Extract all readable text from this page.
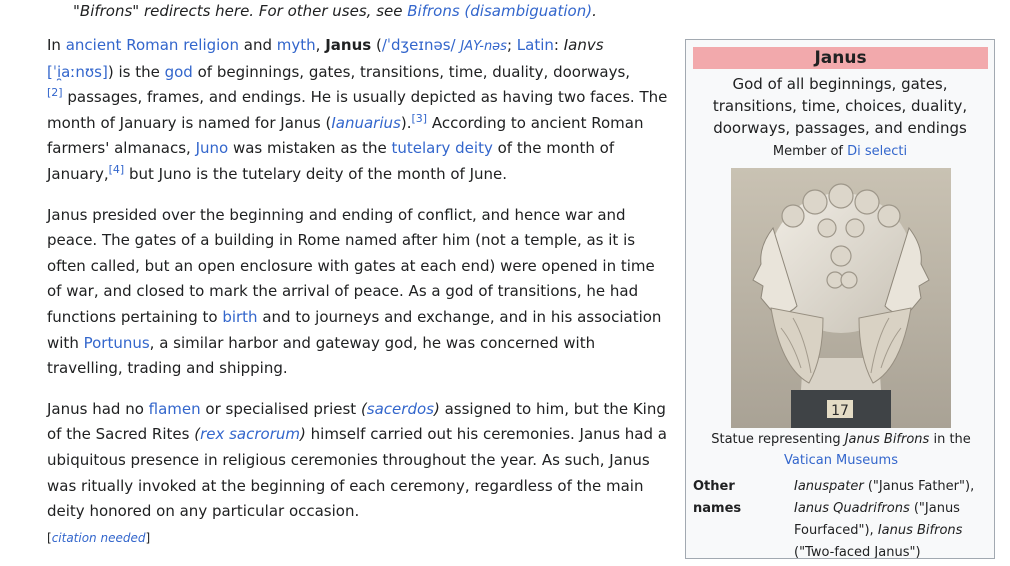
"Bifrons" redirects here. For other uses, see Bifrons (disambiguation).

In ancient Roman religion and myth, Janus (/ˈdʒeɪnəs/ JAY-nəs; Latin: Ianvs [ˈi̯aːnʊs]) is the god of beginnings, gates, transitions, time, duality, doorways,
[2] passages, frames, and endings. He is usually depicted as having two faces. The month of January is named for Janus (Ianuarius).[3] According to ancient Roman farmers' almanacs, Juno was mistaken as the tutelary deity of the month of January,[4] but Juno is the tutelary deity of the month of June.

Janus presided over the beginning and ending of conflict, and hence war and peace. The gates of a building in Rome named after him (not a temple, as it is often called, but an open enclosure with gates at each end) were opened in time of war, and closed to mark the arrival of peace. As a god of transitions, he had functions pertaining to birth and to journeys and exchange, and in his association with Portunus, a similar harbor and gateway god, he was concerned with travelling, trading and shipping.

Janus had no flamen or specialised priest (sacerdos) assigned to him, but the King of the Sacred Rites (rex sacrorum) himself carried out his ceremonies. Janus had a ubiquitous presence in religious ceremonies throughout the year. As such, Janus was ritually invoked at the beginning of each ceremony, regardless of the main deity honored on any particular occasion.
[citation needed]

Janus
God of all beginnings, gates, transitions, time, choices, duality, doorways, passages, and endings
Member of Di selecti
17
Statue representing Janus Bifrons in the
Vatican Museums
Other names
Ianuspater ("Janus Father"), Ianus Quadrifrons ("Janus Fourfaced"), Ianus Bifrons ("Two-faced Janus")
